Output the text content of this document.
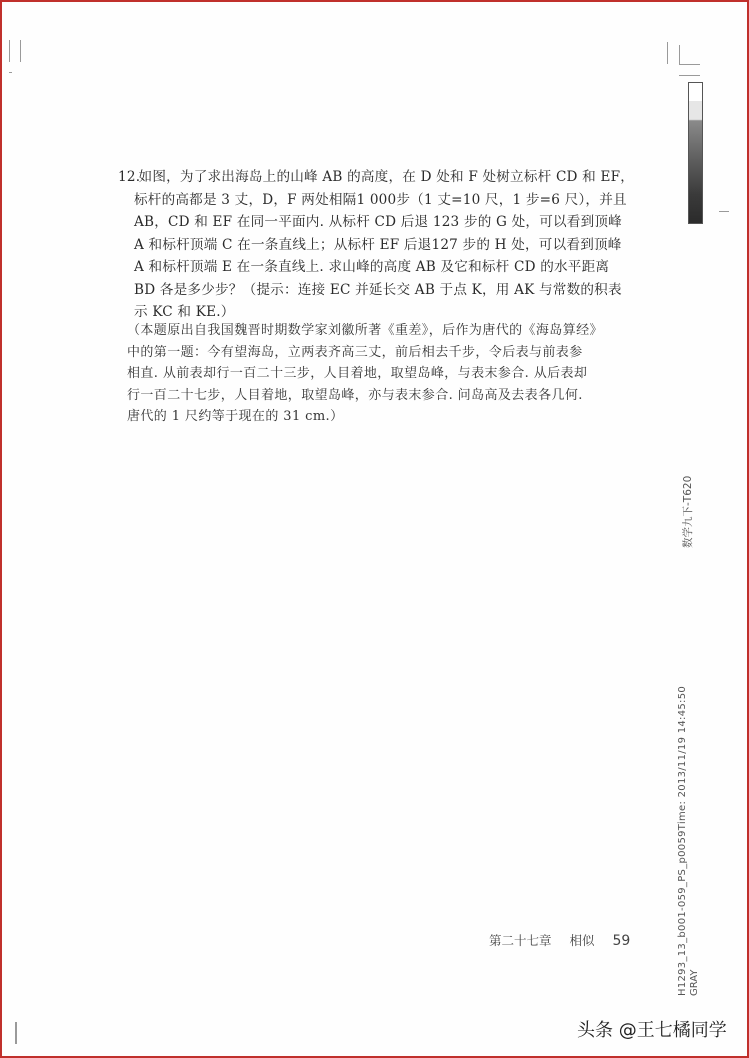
12. 如图，为了求出海岛上的山峰 AB 的高度，在 D 处和 F 处树立标杆 CD 和 EF，
标杆的高都是 3 丈，D，F 两处相隔1 000步（1 丈=10 尺，1 步=6 尺），并且
AB，CD 和 EF 在同一平面内. 从标杆 CD 后退 123 步的 G 处，可以看到顶峰
A 和标杆顶端 C 在一条直线上；从标杆 EF 后退127 步的 H 处，可以看到顶峰
A 和标杆顶端 E 在一条直线上. 求山峰的高度 AB 及它和标杆 CD 的水平距离
BD 各是多少步？（提示：连接 EC 并延长交 AB 于点 K，用 AK 与常数的积表
示 KC 和 KE.）
（本题原出自我国魏晋时期数学家刘徽所著《重差》，后作为唐代的《海岛算经》
中的第一题：今有望海岛，立两表齐高三丈，前后相去千步，令后表与前表参
相直. 从前表却行一百二十三步，人目着地，取望岛峰，与表末参合. 从后表却
行一百二十七步，人目着地，取望岛峰，亦与表末参合. 问岛高及去表各几何.
唐代的 1 尺约等于现在的 31 cm.）
数学九下-T620
H1293_13_b001-059_PS_p0059Time: 2013/11/19 14:45:50 GRAY
第二十七章 相似 59
头条 @王七橘同学
